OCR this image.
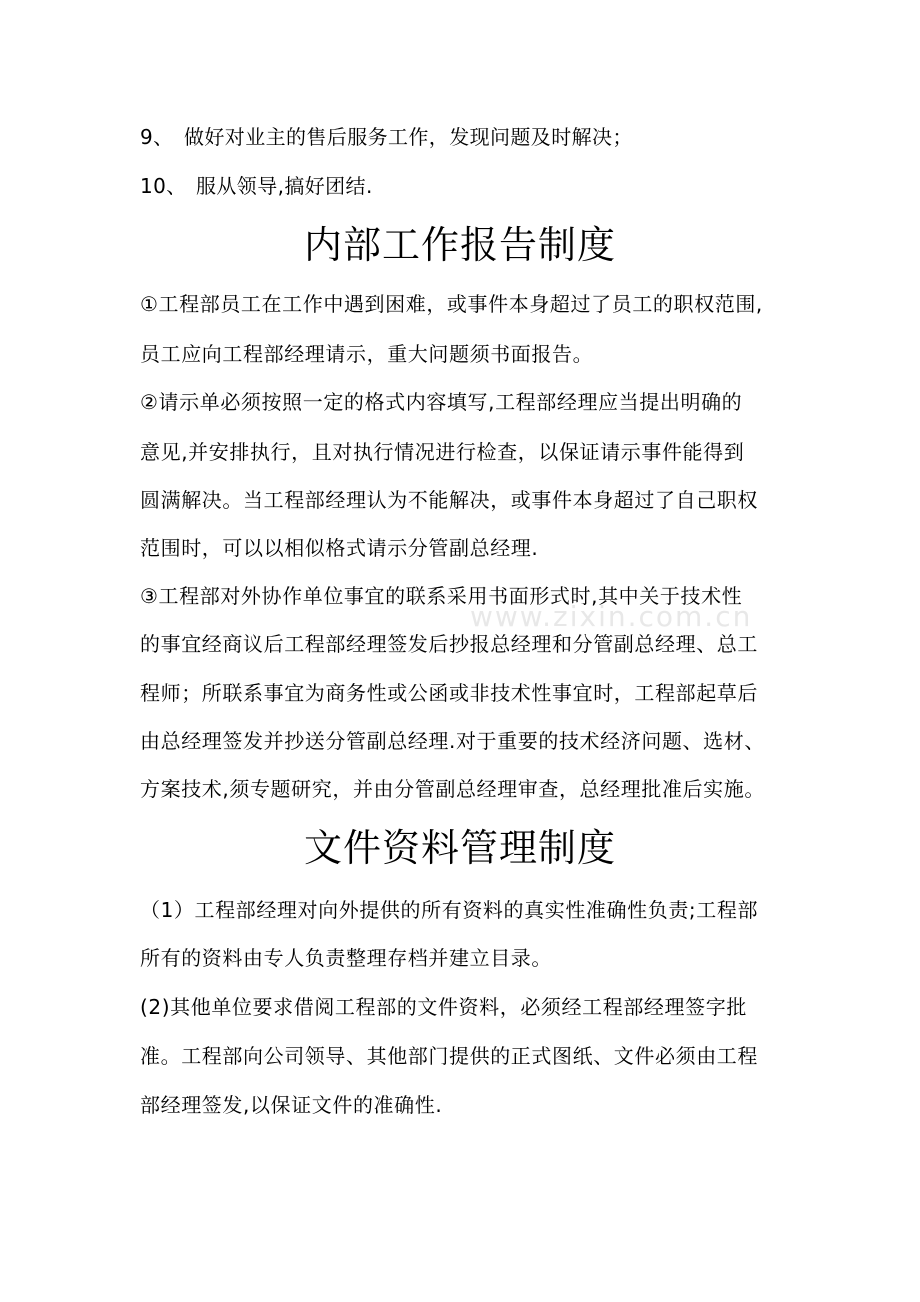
9、 做好对业主的售后服务工作，发现问题及时解决；
10、 服从领导,搞好团结.
内部工作报告制度
①工程部员工在工作中遇到困难，或事件本身超过了员工的职权范围,
员工应向工程部经理请示，重大问题须书面报告。
②请示单必须按照一定的格式内容填写,工程部经理应当提出明确的
意见,并安排执行，且对执行情况进行检查，以保证请示事件能得到
圆满解决。当工程部经理认为不能解决，或事件本身超过了自己职权
范围时，可以以相似格式请示分管副总经理.
③工程部对外协作单位事宜的联系采用书面形式时,其中关于技术性
的事宜经商议后工程部经理签发后抄报总经理和分管副总经理、总工
程师；所联系事宜为商务性或公函或非技术性事宜时，工程部起草后
由总经理签发并抄送分管副总经理.对于重要的技术经济问题、选材、
方案技术,须专题研究，并由分管副总经理审查，总经理批准后实施。
文件资料管理制度
（1）工程部经理对向外提供的所有资料的真实性准确性负责;工程部
所有的资料由专人负责整理存档并建立目录。
(2)其他单位要求借阅工程部的文件资料，必须经工程部经理签字批
准。工程部向公司领导、其他部门提供的正式图纸、文件必须由工程
部经理签发,以保证文件的准确性.
www.zixin.com.cn
